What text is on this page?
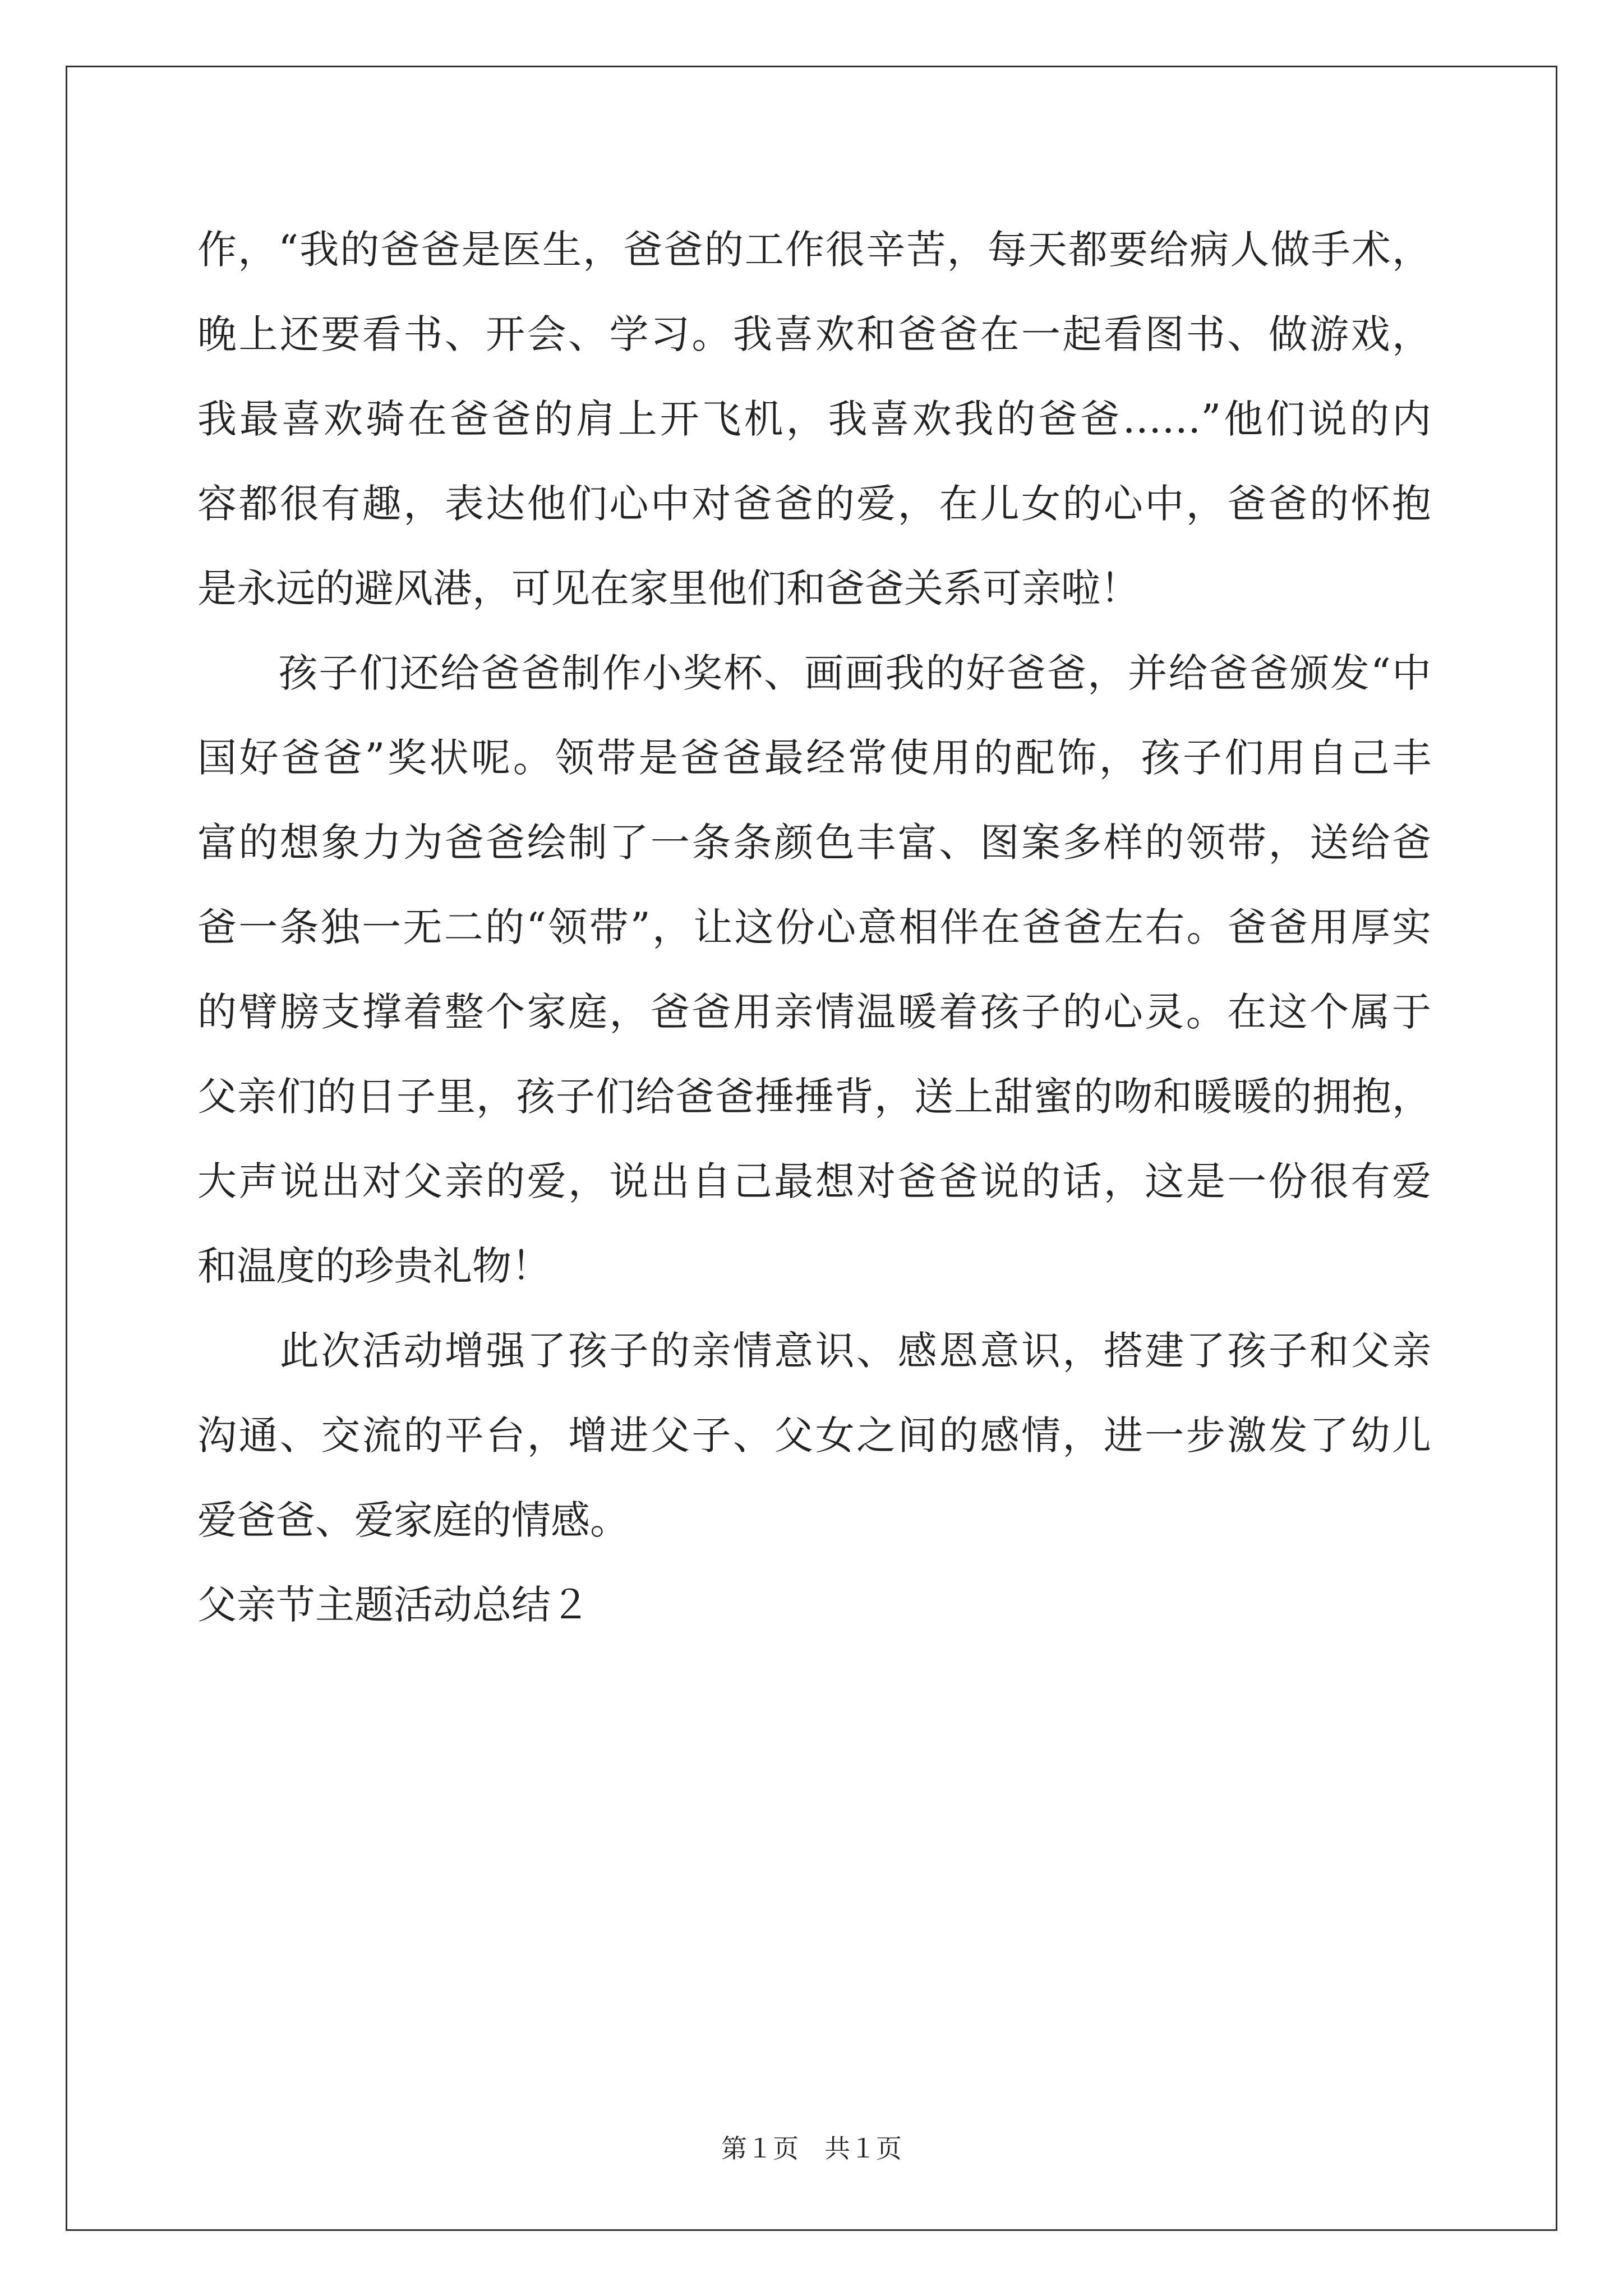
作，“我的爸爸是医生，爸爸的工作很辛苦，每天都要给病人做手术，
晚上还要看书、开会、学习。我喜欢和爸爸在一起看图书、做游戏，
我最喜欢骑在爸爸的肩上开飞机，我喜欢我的爸爸……”他们说的内
容都很有趣，表达他们心中对爸爸的爱，在儿女的心中，爸爸的怀抱
是永远的避风港，可见在家里他们和爸爸关系可亲啦！
　　孩子们还给爸爸制作小奖杯、画画我的好爸爸，并给爸爸颁发“中
国好爸爸”奖状呢。领带是爸爸最经常使用的配饰，孩子们用自己丰
富的想象力为爸爸绘制了一条条颜色丰富、图案多样的领带，送给爸
爸一条独一无二的“领带”，让这份心意相伴在爸爸左右。爸爸用厚实
的臂膀支撑着整个家庭，爸爸用亲情温暖着孩子的心灵。在这个属于
父亲们的日子里，孩子们给爸爸捶捶背，送上甜蜜的吻和暖暖的拥抱，
大声说出对父亲的爱，说出自己最想对爸爸说的话，这是一份很有爱
和温度的珍贵礼物！
　　此次活动增强了孩子的亲情意识、感恩意识，搭建了孩子和父亲
沟通、交流的平台，增进父子、父女之间的感情，进一步激发了幼儿
爱爸爸、爱家庭的情感。
父亲节主题活动总结２
第１页　共１页
